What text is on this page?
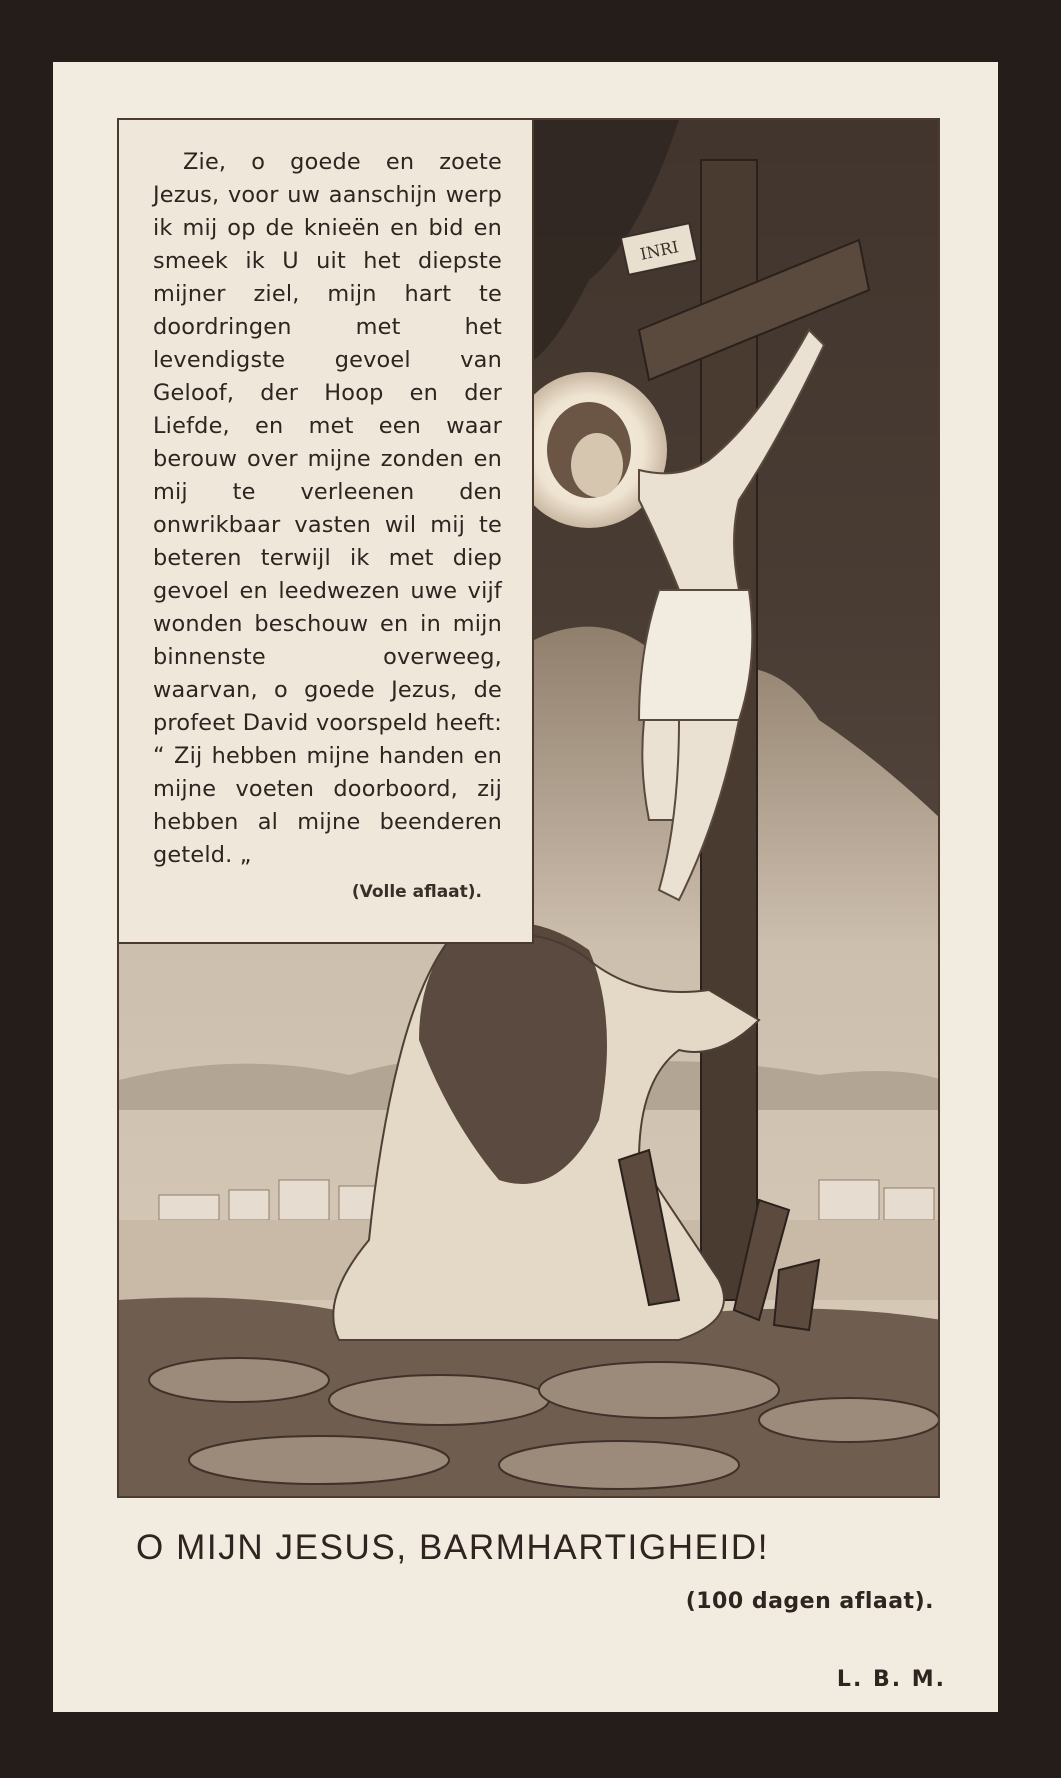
INRI

Zie, o goede en zoete Jezus, voor uw aanschijn werp ik mij op de knieën en bid en smeek ik U uit het diepste mijner ziel, mijn hart te doordringen met het levendigste gevoel van Geloof, der Hoop en der Liefde, en met een waar berouw over mijne zonden en mij te verleenen den onwrikbaar vasten wil mij te beteren terwijl ik met diep gevoel en leedwezen uwe vijf wonden beschouw en in mijn binnenste overweeg, waarvan, o goede Jezus, de profeet David voorspeld heeft: “ Zij hebben mijne handen en mijne voeten doorboord, zij hebben al mijne beenderen geteld. „

(Volle aflaat).
O MIJN JESUS, BARMHARTIGHEID!
(100 dagen aflaat).
L. B. M.
